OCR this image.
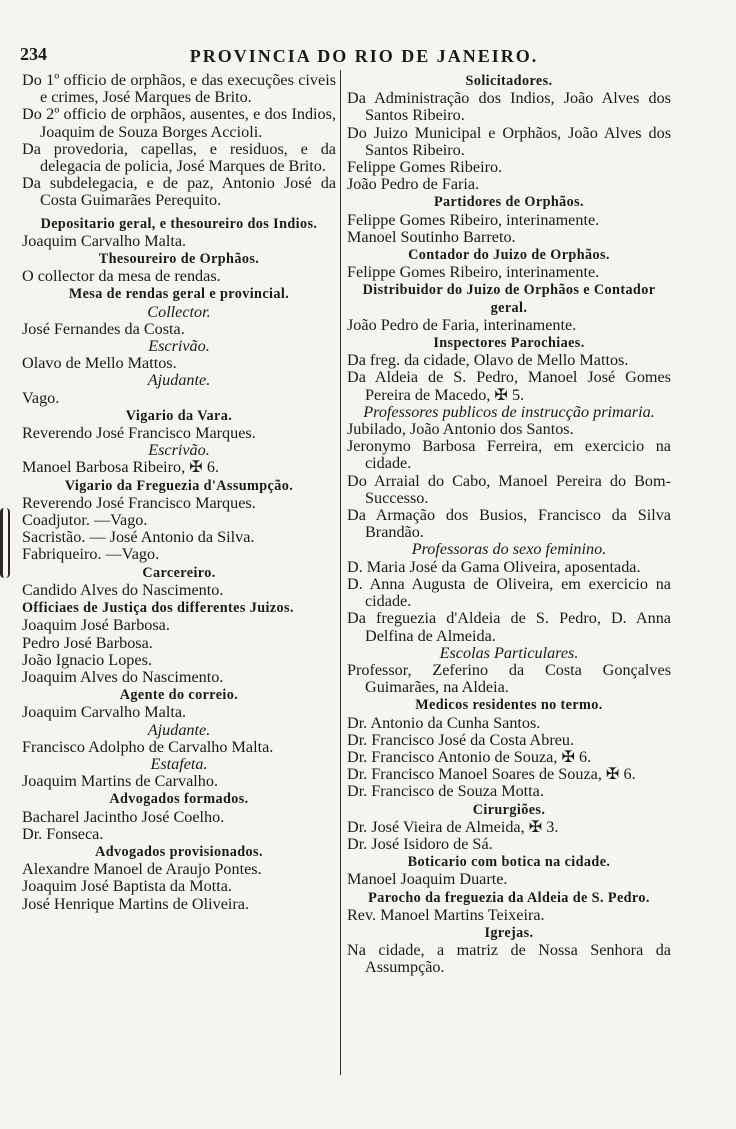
234	PROVINCIA DO RIO DE JANEIRO.

Do 1º officio de orphãos, e das execuções civeis e crimes, José Marques de Brito.

Do 2º officio de orphãos, ausentes, e dos Indios, Joaquim de Souza Borges Accioli.

Da provedoria, capellas, e residuos, e da delegacia de policia, José Marques de Brito.

Da subdelegacia, e de paz, Antonio José da Costa Guimarães Perequito.

Depositario geral, e thesoureiro dos Indios.

Joaquim Carvalho Malta.

Thesoureiro de Orphãos.

O collector da mesa de rendas.

Mesa de rendas geral e provincial.

Collector.

José Fernandes da Costa.

Escrivão.

Olavo de Mello Mattos.

Ajudante.

Vago.

Vigario da Vara.

Reverendo José Francisco Marques.

Escrivão.

Manoel Barbosa Ribeiro, ✠ 6.

Vigario da Freguezia d'Assumpção.

Reverendo José Francisco Marques.

Coadjutor. —Vago.

Sacristão. — José Antonio da Silva.

Fabriqueiro. —Vago.

Carcereiro.

Candido Alves do Nascimento.

Officiaes de Justiça dos differentes Juizos.

Joaquim José Barbosa.

Pedro José Barbosa.

João Ignacio Lopes.

Joaquim Alves do Nascimento.

Agente do correio.

Joaquim Carvalho Malta.

Ajudante.

Francisco Adolpho de Carvalho Malta.

Estafeta.

Joaquim Martins de Carvalho.

Advogados formados.

Bacharel Jacintho José Coelho.

Dr. Fonseca.

Advogados provisionados.

Alexandre Manoel de Araujo Pontes.

Joaquim José Baptista da Motta.

José Henrique Martins de Oliveira.

Solicitadores.

Da Administração dos Indios, João Alves dos Santos Ribeiro.

Do Juizo Municipal e Orphãos, João Alves dos Santos Ribeiro.

Felippe Gomes Ribeiro.

João Pedro de Faria.

Partidores de Orphãos.

Felippe Gomes Ribeiro, interinamente.

Manoel Soutinho Barreto.

Contador do Juizo de Orphãos.

Felippe Gomes Ribeiro, interinamente.

Distribuidor do Juizo de Orphãos e Contador geral.

João Pedro de Faria, interinamente.

Inspectores Parochiaes.

Da freg. da cidade, Olavo de Mello Mattos.

Da Aldeia de S. Pedro, Manoel José Gomes Pereira de Macedo, ✠ 5.

Professores publicos de instrucção primaria.

Jubilado, João Antonio dos Santos.

Jeronymo Barbosa Ferreira, em exercicio na cidade.

Do Arraial do Cabo, Manoel Pereira do Bom-Successo.

Da Armação dos Busios, Francisco da Silva Brandão.

Professoras do sexo feminino.

D. Maria José da Gama Oliveira, aposentada.

D. Anna Augusta de Oliveira, em exercicio na cidade.

Da freguezia d'Aldeia de S. Pedro, D. Anna Delfina de Almeida.

Escolas Particulares.

Professor, Zeferino da Costa Gonçalves Guimarães, na Aldeia.

Medicos residentes no termo.

Dr. Antonio da Cunha Santos.

Dr. Francisco José da Costa Abreu.

Dr. Francisco Antonio de Souza, ✠ 6.

Dr. Francisco Manoel Soares de Souza, ✠ 6.

Dr. Francisco de Souza Motta.

Cirurgiões.

Dr. José Vieira de Almeida, ✠ 3.

Dr. José Isidoro de Sá.

Boticario com botica na cidade.

Manoel Joaquim Duarte.

Parocho da freguezia da Aldeia de S. Pedro.

Rev. Manoel Martins Teixeira.

Igrejas.

Na cidade, a matriz de Nossa Senhora da Assumpção.
